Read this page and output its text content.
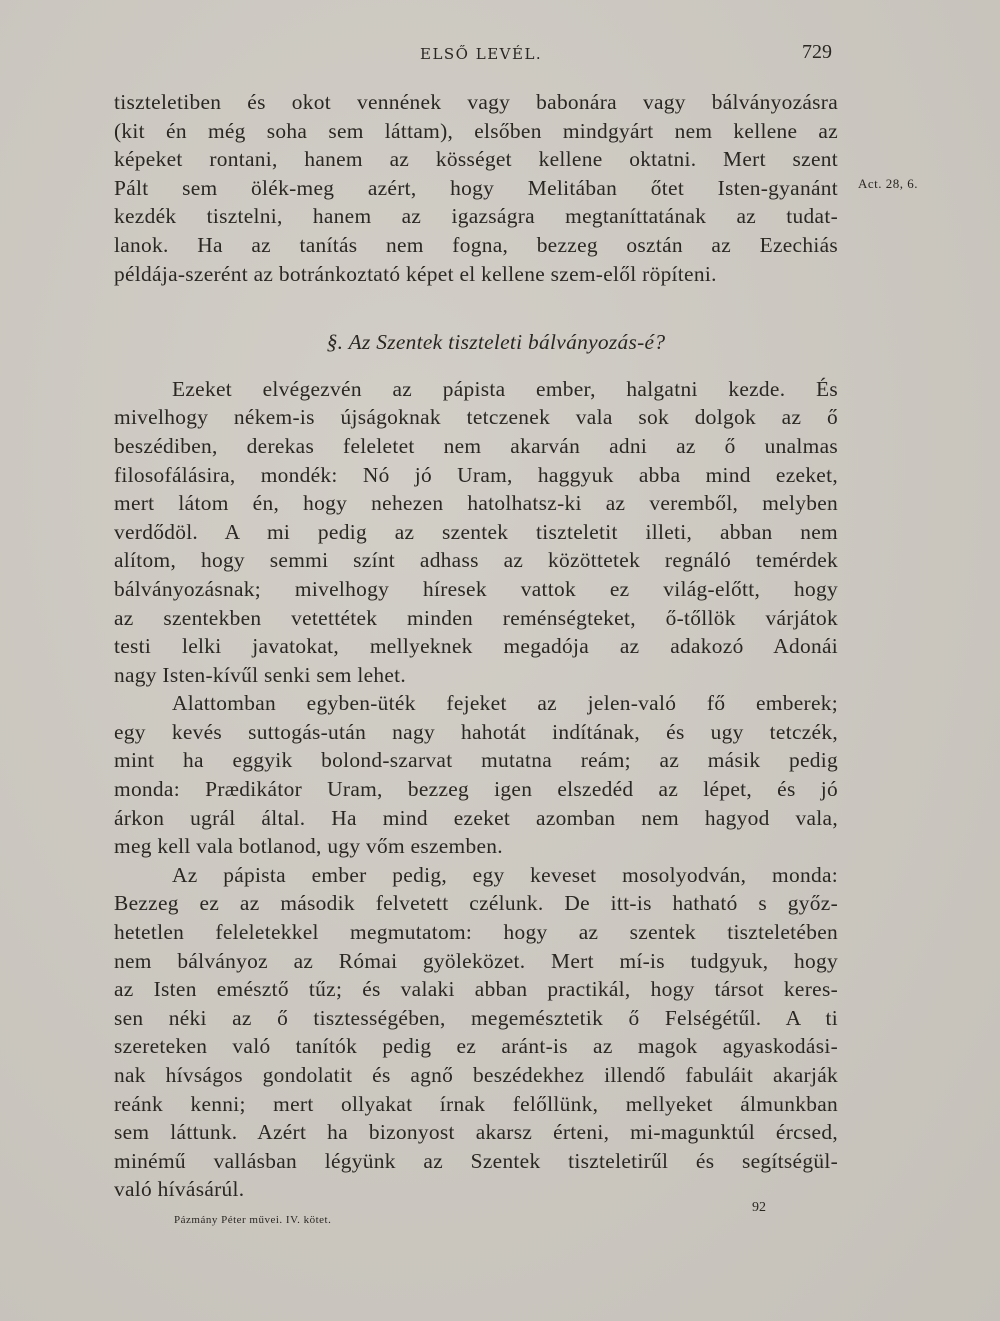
ELSŐ LEVÉL.	729
Act. 28, 6.
tiszteletiben és okot vennének vagy babonára vagy bálványozásra
(kit én még soha sem láttam), elsőben mindgyárt nem kellene az
képeket rontani, hanem az kösséget kellene oktatni. Mert szent
Pált sem ölék-meg azért, hogy Melitában őtet Isten-gyanánt
kezdék tisztelni, hanem az igazságra megtaníttatának az tudat-
lanok. Ha az tanítás nem fogna, bezzeg osztán az Ezechiás
példája-szerént az botránkoztató képet el kellene szem-elől röpíteni.
§. Az Szentek tiszteleti bálványozás-é?
Ezeket elvégezvén az pápista ember, halgatni kezde. És
mivelhogy nékem-is újságoknak tetczenek vala sok dolgok az ő
beszédiben, derekas feleletet nem akarván adni az ő unalmas
filosofálásira, mondék: Nó jó Uram, haggyuk abba mind ezeket,
mert látom én, hogy nehezen hatolhatsz-ki az veremből, melyben
verdődöl. A mi pedig az szentek tiszteletit illeti, abban nem
alítom, hogy semmi színt adhass az közöttetek regnáló temérdek
bálványozásnak; mivelhogy híresek vattok ez világ-előtt, hogy
az szentekben vetettétek minden reménségteket, ő-tőllök várjátok
testi lelki javatokat, mellyeknek megadója az adakozó Adonái
nagy Isten-kívűl senki sem lehet.
Alattomban egyben-üték fejeket az jelen-való fő emberek;
egy kevés suttogás-után nagy hahotát indítának, és ugy tetczék,
mint ha eggyik bolond-szarvat mutatna reám; az másik pedig
monda: Prædikátor Uram, bezzeg igen elszedéd az lépet, és jó
árkon ugrál által. Ha mind ezeket azomban nem hagyod vala,
meg kell vala botlanod, ugy vőm eszemben.
Az pápista ember pedig, egy keveset mosolyodván, monda:
Bezzeg ez az második felvetett czélunk. De itt-is hatható s győz-
hetetlen feleletekkel megmutatom: hogy az szentek tiszteletében
nem bálványoz az Római gyöleközet. Mert mí-is tudgyuk, hogy
az Isten emésztő tűz; és valaki abban practikál, hogy társot keres-
sen néki az ő tisztességében, megemésztetik ő Felségétűl. A ti
szereteken való tanítók pedig ez aránt-is az magok agyaskodási-
nak hívságos gondolatit és agnő beszédekhez illendő fabuláit akarják
reánk kenni; mert ollyakat írnak felőllünk, mellyeket álmunkban
sem láttunk. Azért ha bizonyost akarsz érteni, mi-magunktúl ércsed,
minémű vallásban légyünk az Szentek tiszteletirűl és segítségül-
való hívásárúl.
Pázmány Péter művei. IV. kötet.
92
